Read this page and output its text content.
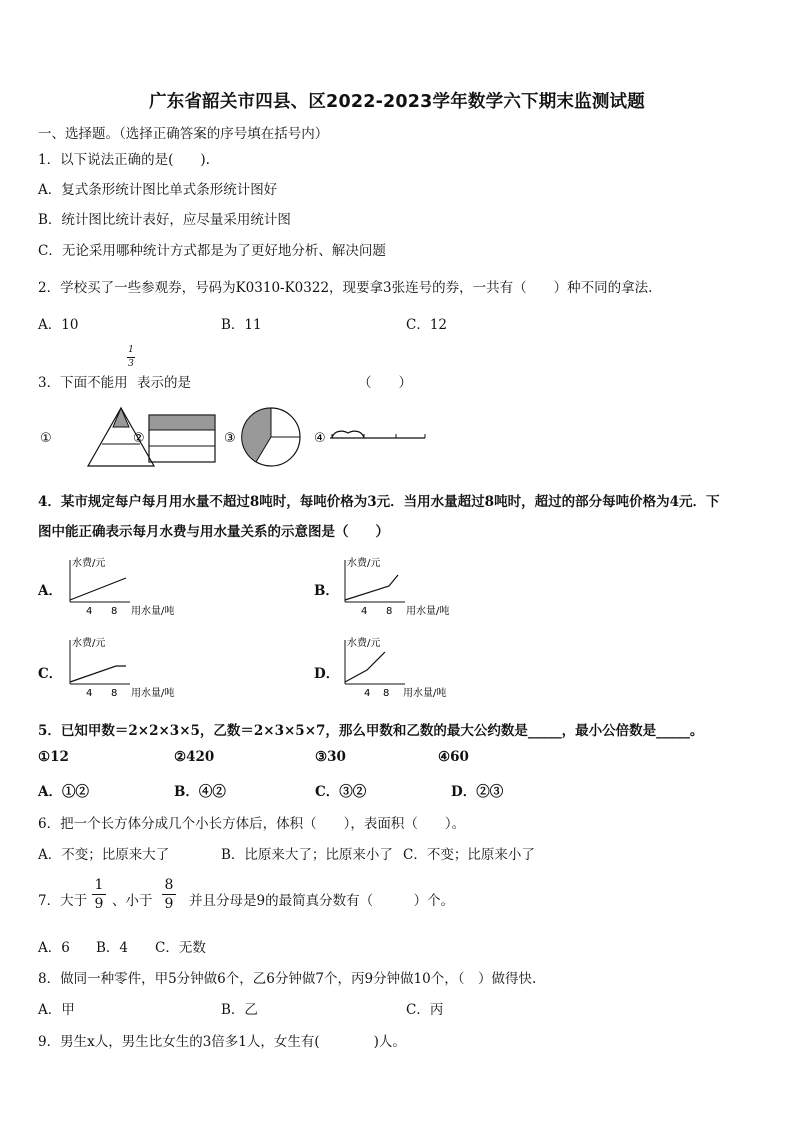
广东省韶关市四县、区2022-2023学年数学六下期末监测试题
一、选择题。（选择正确答案的序号填在括号内）
1．以下说法正确的是(　　).
A．复式条形统计图比单式条形统计图好
B．统计图比统计表好，应尽量采用统计图
C．无论采用哪种统计方式都是为了更好地分析、解决问题
2．学校买了一些参观券，号码为K0310-K0322，现要拿3张连号的券，一共有（　　）种不同的拿法.
A．10	B．11	C．12
3．下面不能用
1
3
表示的是	（　　）
①	②	③	④
4．某市规定每户每月用水量不超过8吨时，每吨价格为3元．当用水量超过8吨时，超过的部分每吨价格为4元．下
图中能正确表示每月水费与用水量关系的示意图是（　　）
A．
水费/元
4 8 用水量/吨
B．
水费/元
4 8 用水量/吨
C．
水费/元
4 8 用水量/吨
D．
水费/元
4 8 用水量/吨
5．已知甲数＝2×2×3×5，乙数＝2×3×5×7，那么甲数和乙数的最大公约数是_____，最小公倍数是_____。
①12	②420	③30	④60
A．①②	B．④②	C．③②	D．②③
6．把一个长方体分成几个小长方体后，体积（　　），表面积（　　）。
A．不变；比原来大了	B．比原来大了；比原来小了 C．不变；比原来小了
7．大于
1
9 、小于
8
9 并且分母是9的最简真分数有（　　　）个。
A．6 B．4 C．无数
8．做同一种零件，甲5分钟做6个，乙6分钟做7个，丙9分钟做10个，（　）做得快.
A．甲	B．乙	C．丙
9．男生x人，男生比女生的3倍多1人，女生有(　　　　)人。
